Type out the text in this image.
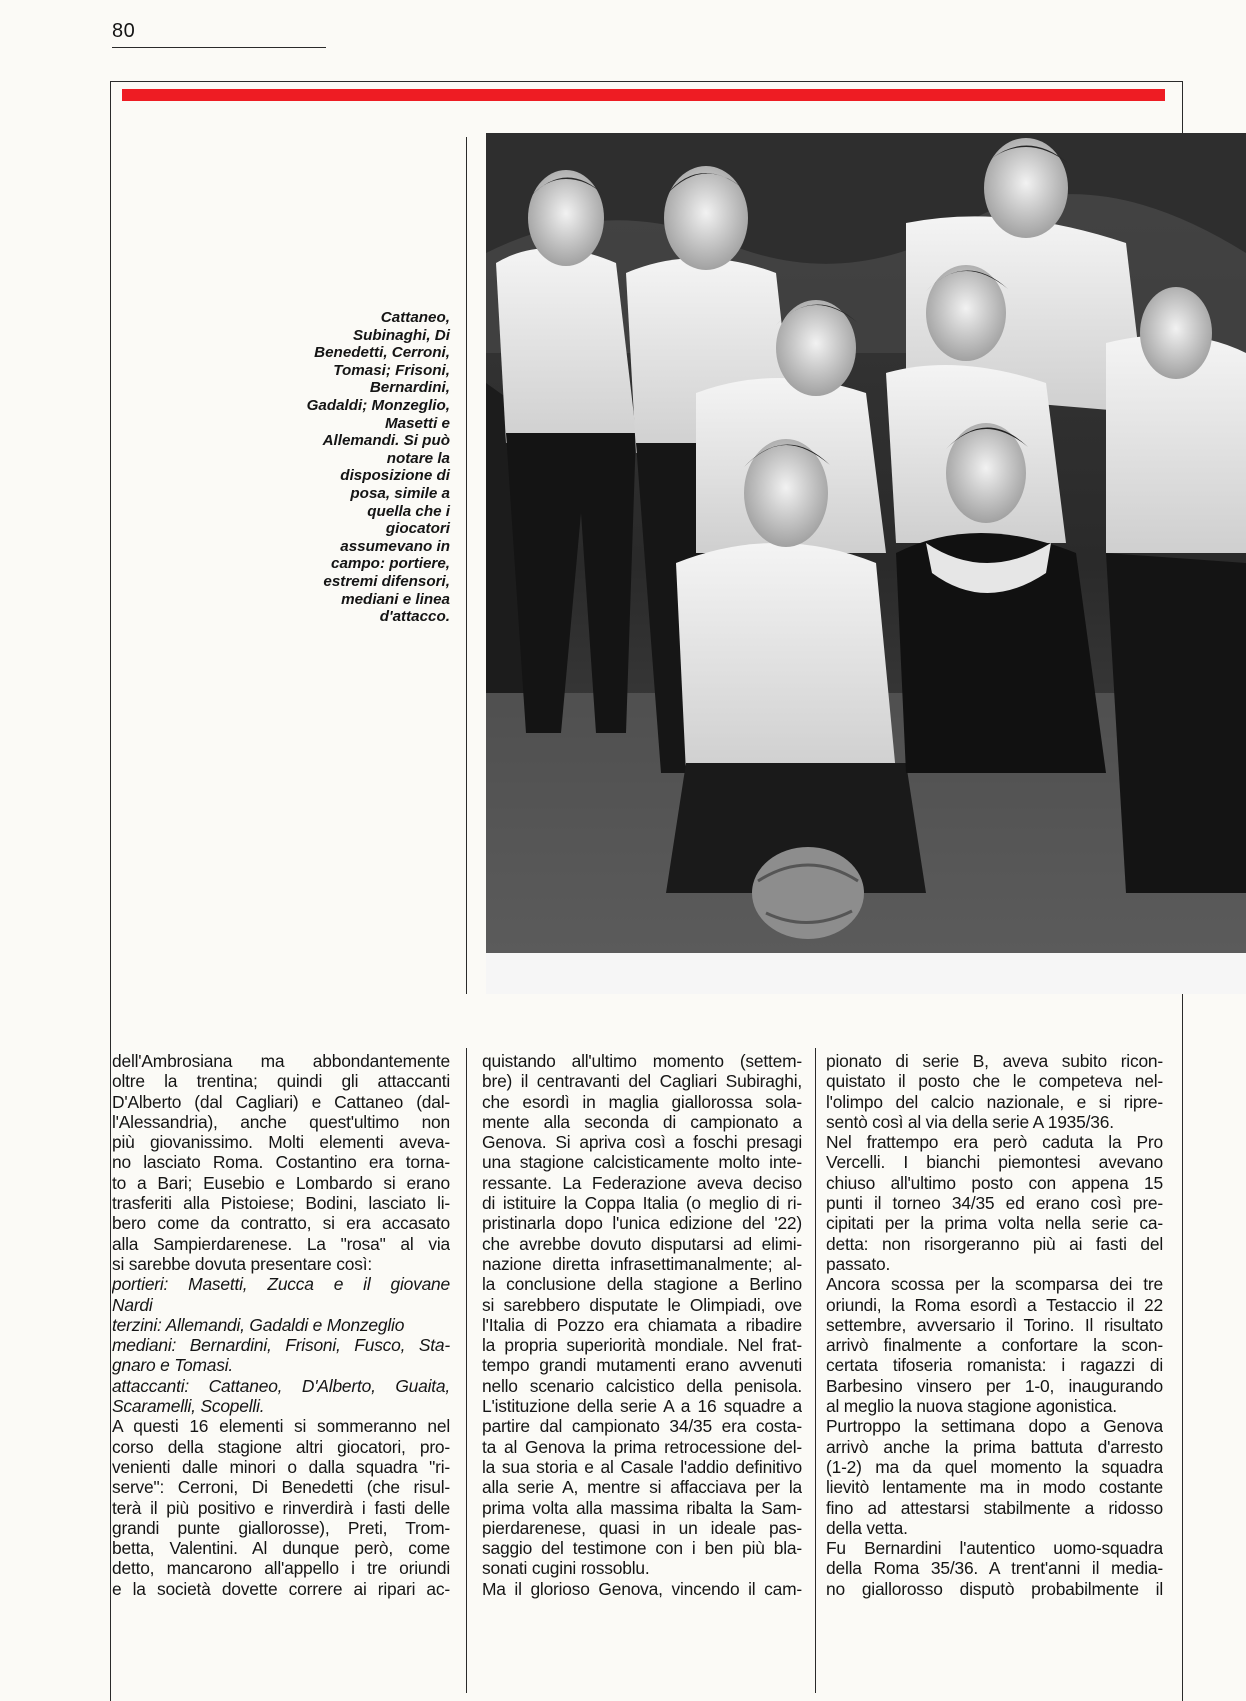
80
Cattaneo,
Subinaghi, Di
Benedetti, Cerroni,
Tomasi; Frisoni,
Bernardini,
Gadaldi; Monzeglio,
Masetti e
Allemandi. Si può
notare la
disposizione di
posa, simile a
quella che i
giocatori
assumevano in
campo: portiere,
estremi difensori,
mediani e linea
d'attacco.
dell'Ambrosiana ma abbondantemente
oltre la trentina; quindi gli attaccanti
D'Alberto (dal Cagliari) e Cattaneo (dal-
l'Alessandria), anche quest'ultimo non
più giovanissimo. Molti elementi aveva-
no lasciato Roma. Costantino era torna-
to a Bari; Eusebio e Lombardo si erano
trasferiti alla Pistoiese; Bodini, lasciato li-
bero come da contratto, si era accasato
alla Sampierdarenese. La "rosa" al via
si sarebbe dovuta presentare così:
portieri: Masetti, Zucca e il giovane
Nardi
terzini: Allemandi, Gadaldi e Monzeglio
mediani: Bernardini, Frisoni, Fusco, Sta-
gnaro e Tomasi.
attaccanti: Cattaneo, D'Alberto, Guaita,
Scaramelli, Scopelli.
A questi 16 elementi si sommeranno nel
corso della stagione altri giocatori, pro-
venienti dalle minori o dalla squadra "ri-
serve": Cerroni, Di Benedetti (che risul-
terà il più positivo e rinverdirà i fasti delle
grandi punte giallorosse), Preti, Trom-
betta, Valentini. Al dunque però, come
detto, mancarono all'appello i tre oriundi
e la società dovette correre ai ripari ac-
quistando all'ultimo momento (settem-
bre) il centravanti del Cagliari Subiraghi,
che esordì in maglia giallorossa sola-
mente alla seconda di campionato a
Genova. Si apriva così a foschi presagi
una stagione calcisticamente molto inte-
ressante. La Federazione aveva deciso
di istituire la Coppa Italia (o meglio di ri-
pristinarla dopo l'unica edizione del '22)
che avrebbe dovuto disputarsi ad elimi-
nazione diretta infrasettimanalmente; al-
la conclusione della stagione a Berlino
si sarebbero disputate le Olimpiadi, ove
l'Italia di Pozzo era chiamata a ribadire
la propria superiorità mondiale. Nel frat-
tempo grandi mutamenti erano avvenuti
nello scenario calcistico della penisola.
L'istituzione della serie A a 16 squadre a
partire dal campionato 34/35 era costa-
ta al Genova la prima retrocessione del-
la sua storia e al Casale l'addio definitivo
alla serie A, mentre si affacciava per la
prima volta alla massima ribalta la Sam-
pierdarenese, quasi in un ideale pas-
saggio del testimone con i ben più bla-
sonati cugini rossoblu.
Ma il glorioso Genova, vincendo il cam-
pionato di serie B, aveva subito ricon-
quistato il posto che le competeva nel-
l'olimpo del calcio nazionale, e si ripre-
sentò così al via della serie A 1935/36.
Nel frattempo era però caduta la Pro
Vercelli. I bianchi piemontesi avevano
chiuso all'ultimo posto con appena 15
punti il torneo 34/35 ed erano così pre-
cipitati per la prima volta nella serie ca-
detta: non risorgeranno più ai fasti del
passato.
Ancora scossa per la scomparsa dei tre
oriundi, la Roma esordì a Testaccio il 22
settembre, avversario il Torino. Il risultato
arrivò finalmente a confortare la scon-
certata tifoseria romanista: i ragazzi di
Barbesino vinsero per 1-0, inaugurando
al meglio la nuova stagione agonistica.
Purtroppo la settimana dopo a Genova
arrivò anche la prima battuta d'arresto
(1-2) ma da quel momento la squadra
lievitò lentamente ma in modo costante
fino ad attestarsi stabilmente a ridosso
della vetta.
Fu Bernardini l'autentico uomo-squadra
della Roma 35/36. A trent'anni il media-
no giallorosso disputò probabilmente il
